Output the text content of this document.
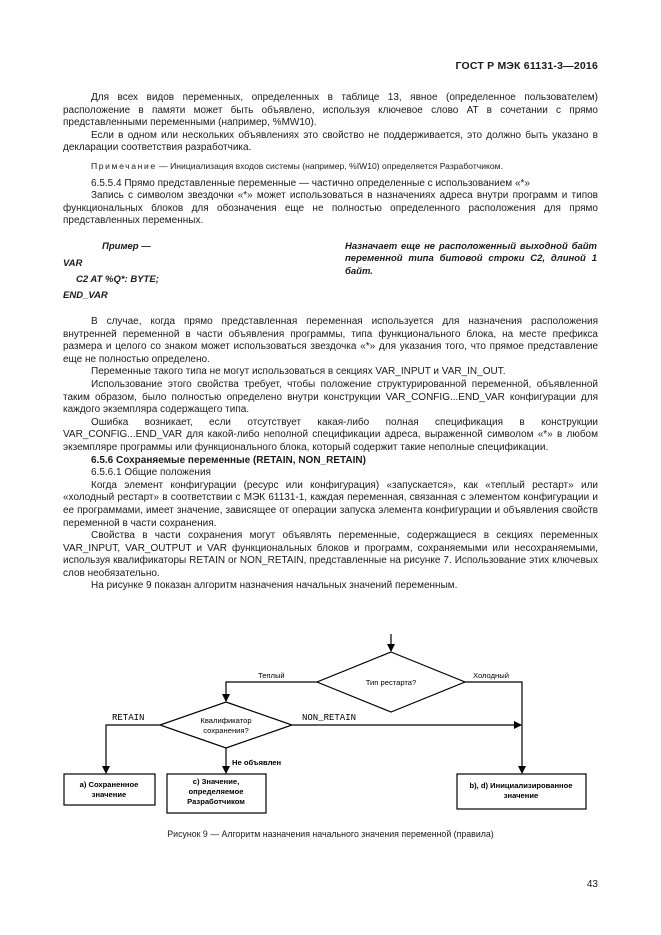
ГОСТ Р МЭК 61131-3—2016

Для всех видов переменных, определенных в таблице 13, явное (определенное пользователем) расположение в памяти может быть объявлено, используя ключевое слово AT в сочетании с прямо представленными переменными (например, %MW10).

Если в одном или нескольких объявлениях это свойство не поддерживается, это должно быть указано в декларации соответствия разработчика.

Примечание — Инициализация входов системы (например, %IW10) определяется Разработчиком.

6.5.5.4 Прямо представленные переменные — частично определенные с использованием «*»

Запись с символом звездочки «*» может использоваться в назначениях адреса внутри программ и типов функциональных блоков для обозначения еще не полностью определенного расположения для прямо представленных переменных.

Пример —
VAR
C2 AT %Q*: BYTE;
END_VAR
Назначает еще не расположенный выходной байт переменной типа битовой строки С2, длиной 1 байт.

В случае, когда прямо представленная переменная используется для назначения расположения внутренней переменной в части объявления программы, типа функционального блока, на месте префикса размера и целого со знаком может использоваться звездочка «*» для указания того, что прямое представление еще не полностью определено.

Переменные такого типа не могут использоваться в секциях VAR_INPUT и VAR_IN_OUT.

Использование этого свойства требует, чтобы положение структурированной переменной, объявленной таким образом, было полностью определено внутри конструкции VAR_CONFIG...END_VAR конфигурации для каждого экземпляра содержащего типа.

Ошибка возникает, если отсутствует какая-либо полная спецификация в конструкции VAR_CONFIG...END_VAR для какой-либо неполной спецификации адреса, выраженной символом «*» в любом экземпляре программы или функционального блока, который содержит такие неполные спецификации.

6.5.6 Сохраняемые переменные (RETAIN, NON_RETAIN)

6.5.6.1 Общие положения

Когда элемент конфигурации (ресурс или конфигурация) «запускается», как «теплый рестарт» или «холодный рестарт» в соответствии с МЭК 61131-1, каждая переменная, связанная с элементом конфигурации и ее программами, имеет значение, зависящее от операции запуска элемента конфигурации и объявления свойств переменной в части сохранения.

Свойства в части сохранения могут объявлять переменные, содержащиеся в секциях переменных VAR_INPUT, VAR_OUTPUT и VAR функциональных блоков и программ, сохраняемыми или несохраняемыми, используя квалификаторы RETAIN or NON_RETAIN, представленные на рисунке 7. Использование этих ключевых слов необязательно.

На рисунке 9 показан алгоритм назначения начальных значений переменным.

Тип рестарта?
Теплый	Холодный
Квалификатор
сохранения?
RETAIN	NON_RETAIN
Не объявлен
а) Сохраненное
значение
c) Значение,
определяемое
Разработчиком
b), d) Инициализированное
значение
Рисунок 9 — Алгоритм назначения начального значения переменной (правила)
43
